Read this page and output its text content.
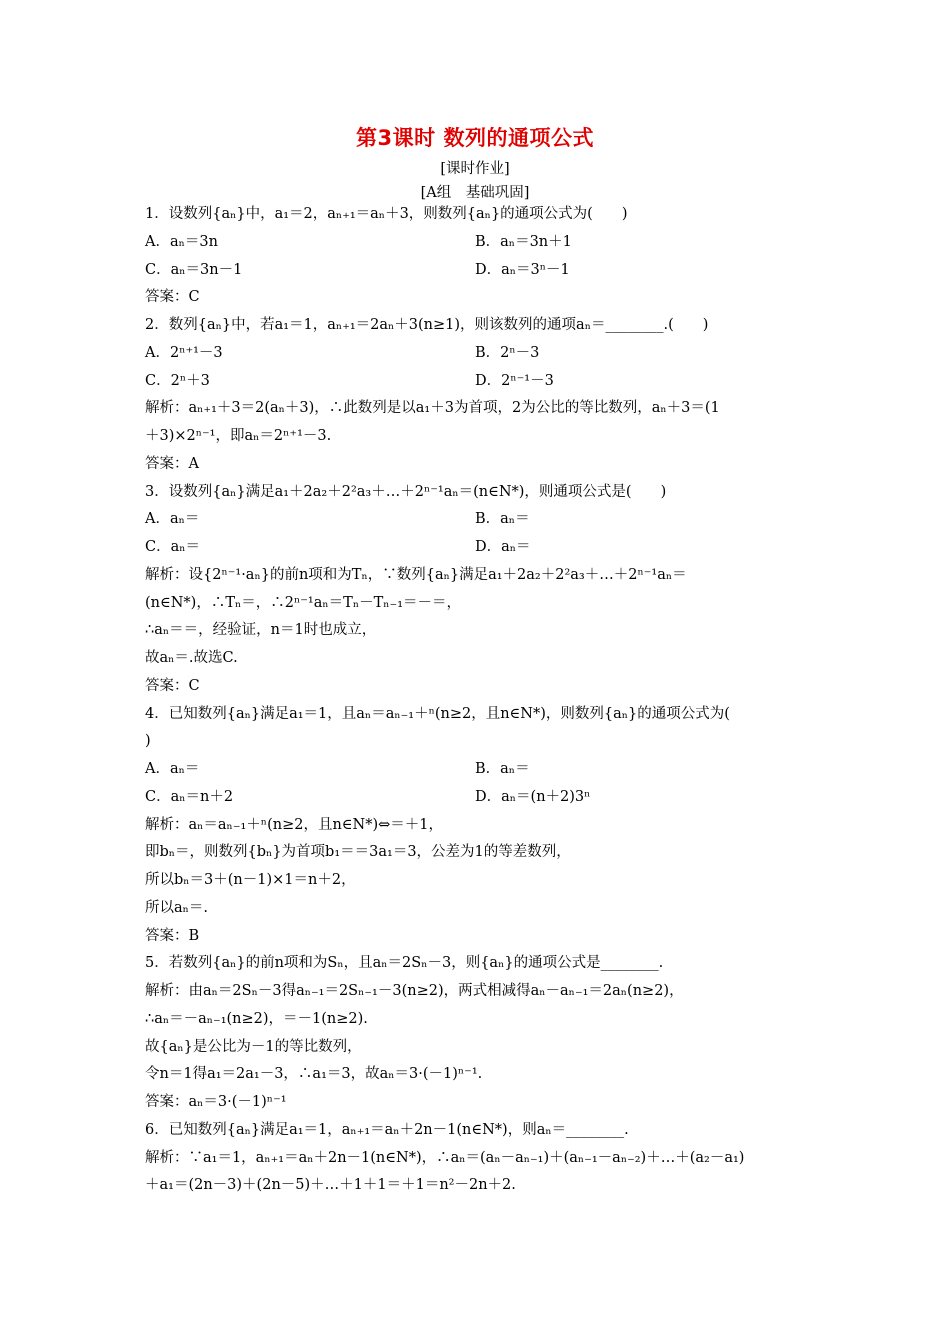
第3课时 数列的通项公式
[课时作业]
[A组　基础巩固]
1．设数列{aₙ}中，a₁＝2，aₙ₊₁＝aₙ＋3，则数列{aₙ}的通项公式为(　　)
A．aₙ＝3n	B．aₙ＝3n＋1
C．aₙ＝3n－1	D．aₙ＝3ⁿ－1
答案：C
2．数列{aₙ}中，若a₁＝1，aₙ₊₁＝2aₙ＋3(n≥1)，则该数列的通项aₙ＝________.(　　)
A．2ⁿ⁺¹－3	B．2ⁿ－3
C．2ⁿ＋3	D．2ⁿ⁻¹－3
解析：aₙ₊₁＋3＝2(aₙ＋3)，∴此数列是以a₁＋3为首项，2为公比的等比数列，aₙ＋3＝(1
＋3)×2ⁿ⁻¹，即aₙ＝2ⁿ⁺¹－3.
答案：A
3．设数列{aₙ}满足a₁＋2a₂＋2²a₃＋…＋2ⁿ⁻¹aₙ＝(n∈N*)，则通项公式是(　　)
A．aₙ＝	B．aₙ＝
C．aₙ＝	D．aₙ＝
解析：设{2ⁿ⁻¹·aₙ}的前n项和为Tₙ，∵数列{aₙ}满足a₁＋2a₂＋2²a₃＋…＋2ⁿ⁻¹aₙ＝
(n∈N*)，∴Tₙ＝，∴2ⁿ⁻¹aₙ＝Tₙ－Tₙ₋₁＝－＝，
∴aₙ＝＝，经验证，n＝1时也成立，
故aₙ＝.故选C.
答案：C
4．已知数列{aₙ}满足a₁＝1，且aₙ＝aₙ₋₁＋ⁿ(n≥2，且n∈N*)，则数列{aₙ}的通项公式为(
)
A．aₙ＝	B．aₙ＝
C．aₙ＝n＋2	D．aₙ＝(n＋2)3ⁿ
解析：aₙ＝aₙ₋₁＋ⁿ(n≥2，且n∈N*)⇔＝＋1，
即bₙ＝，则数列{bₙ}为首项b₁＝＝3a₁＝3，公差为1的等差数列，
所以bₙ＝3＋(n－1)×1＝n＋2，
所以aₙ＝.
答案：B
5．若数列{aₙ}的前n项和为Sₙ，且aₙ＝2Sₙ－3，则{aₙ}的通项公式是________.
解析：由aₙ＝2Sₙ－3得aₙ₋₁＝2Sₙ₋₁－3(n≥2)，两式相减得aₙ－aₙ₋₁＝2aₙ(n≥2)，
∴aₙ＝－aₙ₋₁(n≥2)，＝－1(n≥2).
故{aₙ}是公比为－1的等比数列，
令n＝1得a₁＝2a₁－3，∴a₁＝3，故aₙ＝3·(－1)ⁿ⁻¹.
答案：aₙ＝3·(－1)ⁿ⁻¹
6．已知数列{aₙ}满足a₁＝1，aₙ₊₁＝aₙ＋2n－1(n∈N*)，则aₙ＝________.
解析：∵a₁＝1，aₙ₊₁＝aₙ＋2n－1(n∈N*)，∴aₙ＝(aₙ－aₙ₋₁)＋(aₙ₋₁－aₙ₋₂)＋…＋(a₂－a₁)
＋a₁＝(2n－3)＋(2n－5)＋…＋1＋1＝＋1＝n²－2n＋2.
